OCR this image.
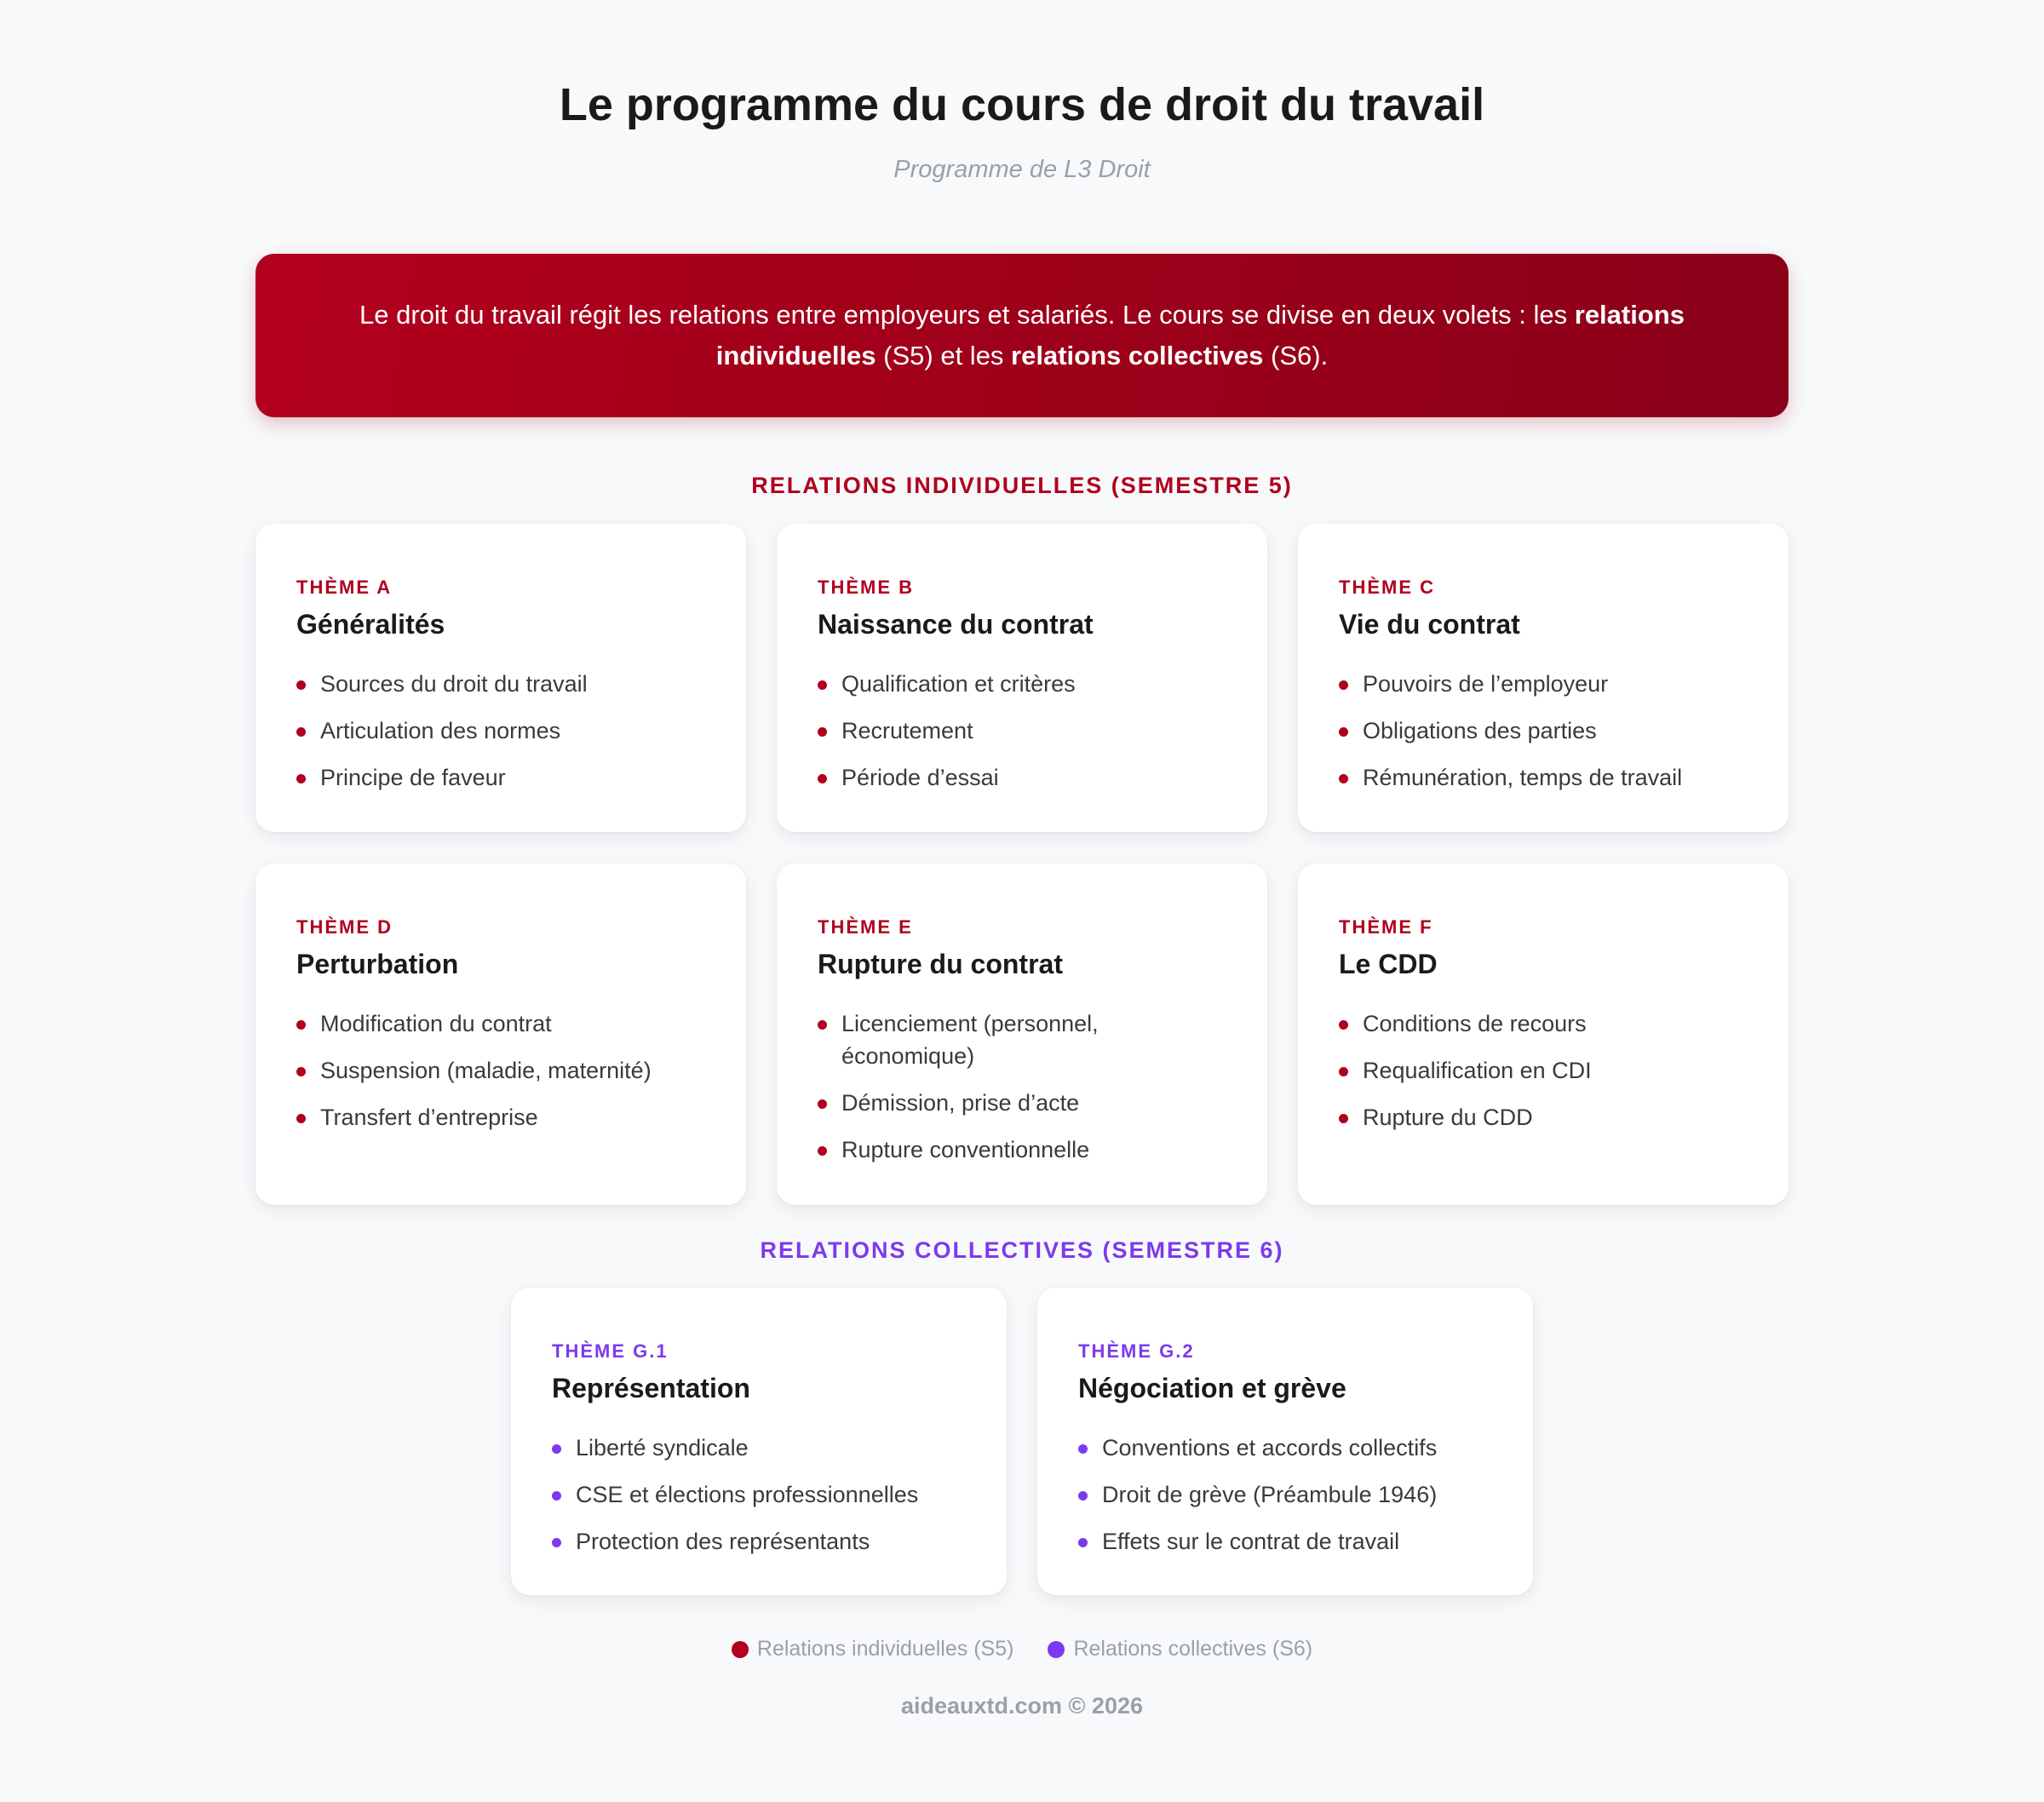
Le programme du cours de droit du travail
Programme de L3 Droit

Le droit du travail régit les relations entre employeurs et salariés. Le cours se divise en deux volets : les relations individuelles (S5) et les relations collectives (S6).

RELATIONS INDIVIDUELLES (SEMESTRE 5)
THÈME A
Généralités
Sources du droit du travail
Articulation des normes
Principe de faveur
THÈME B
Naissance du contrat
Qualification et critères
Recrutement
Période d’essai
THÈME C
Vie du contrat
Pouvoirs de l’employeur
Obligations des parties
Rémunération, temps de travail
THÈME D
Perturbation
Modification du contrat
Suspension (maladie, maternité)
Transfert d’entreprise
THÈME E
Rupture du contrat
Licenciement (personnel, économique)
Démission, prise d’acte
Rupture conventionnelle
THÈME F
Le CDD
Conditions de recours
Requalification en CDI
Rupture du CDD
RELATIONS COLLECTIVES (SEMESTRE 6)
THÈME G.1
Représentation
Liberté syndicale
CSE et élections professionnelles
Protection des représentants
THÈME G.2
Négociation et grève
Conventions et accords collectifs
Droit de grève (Préambule 1946)
Effets sur le contrat de travail
Relations individuelles (S5)	Relations collectives (S6)
aideauxtd.com © 2026
